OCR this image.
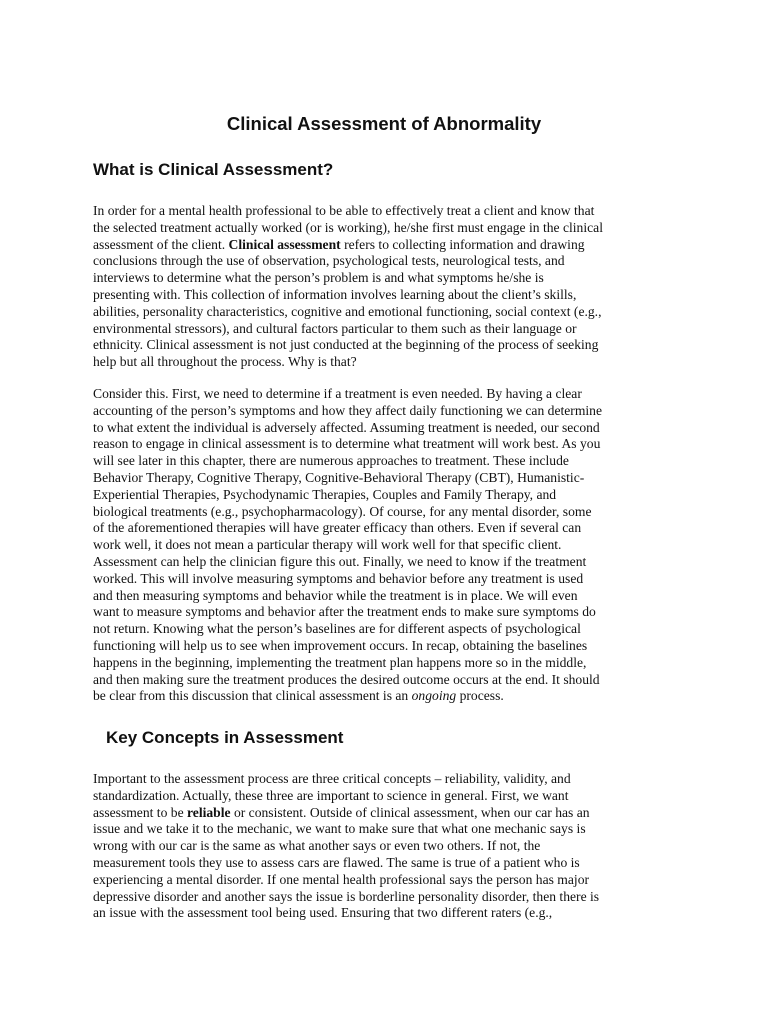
Clinical Assessment of Abnormality
What is Clinical Assessment?
In order for a mental health professional to be able to effectively treat a client and know that
the selected treatment actually worked (or is working), he/she first must engage in the clinical
assessment of the client. Clinical assessment refers to collecting information and drawing
conclusions through the use of observation, psychological tests, neurological tests, and
interviews to determine what the person’s problem is and what symptoms he/she is
presenting with. This collection of information involves learning about the client’s skills,
abilities, personality characteristics, cognitive and emotional functioning, social context (e.g.,
environmental stressors), and cultural factors particular to them such as their language or
ethnicity. Clinical assessment is not just conducted at the beginning of the process of seeking
help but all throughout the process. Why is that?
Consider this. First, we need to determine if a treatment is even needed. By having a clear
accounting of the person’s symptoms and how they affect daily functioning we can determine
to what extent the individual is adversely affected. Assuming treatment is needed, our second
reason to engage in clinical assessment is to determine what treatment will work best. As you
will see later in this chapter, there are numerous approaches to treatment. These include
Behavior Therapy, Cognitive Therapy, Cognitive-Behavioral Therapy (CBT), Humanistic-
Experiential Therapies, Psychodynamic Therapies, Couples and Family Therapy, and
biological treatments (e.g., psychopharmacology). Of course, for any mental disorder, some
of the aforementioned therapies will have greater efficacy than others. Even if several can
work well, it does not mean a particular therapy will work well for that specific client.
Assessment can help the clinician figure this out. Finally, we need to know if the treatment
worked. This will involve measuring symptoms and behavior before any treatment is used
and then measuring symptoms and behavior while the treatment is in place. We will even
want to measure symptoms and behavior after the treatment ends to make sure symptoms do
not return. Knowing what the person’s baselines are for different aspects of psychological
functioning will help us to see when improvement occurs. In recap, obtaining the baselines
happens in the beginning, implementing the treatment plan happens more so in the middle,
and then making sure the treatment produces the desired outcome occurs at the end. It should
be clear from this discussion that clinical assessment is an ongoing process.
Key Concepts in Assessment
Important to the assessment process are three critical concepts – reliability, validity, and
standardization. Actually, these three are important to science in general. First, we want
assessment to be reliable or consistent. Outside of clinical assessment, when our car has an
issue and we take it to the mechanic, we want to make sure that what one mechanic says is
wrong with our car is the same as what another says or even two others. If not, the
measurement tools they use to assess cars are flawed. The same is true of a patient who is
experiencing a mental disorder. If one mental health professional says the person has major
depressive disorder and another says the issue is borderline personality disorder, then there is
an issue with the assessment tool being used. Ensuring that two different raters (e.g.,
